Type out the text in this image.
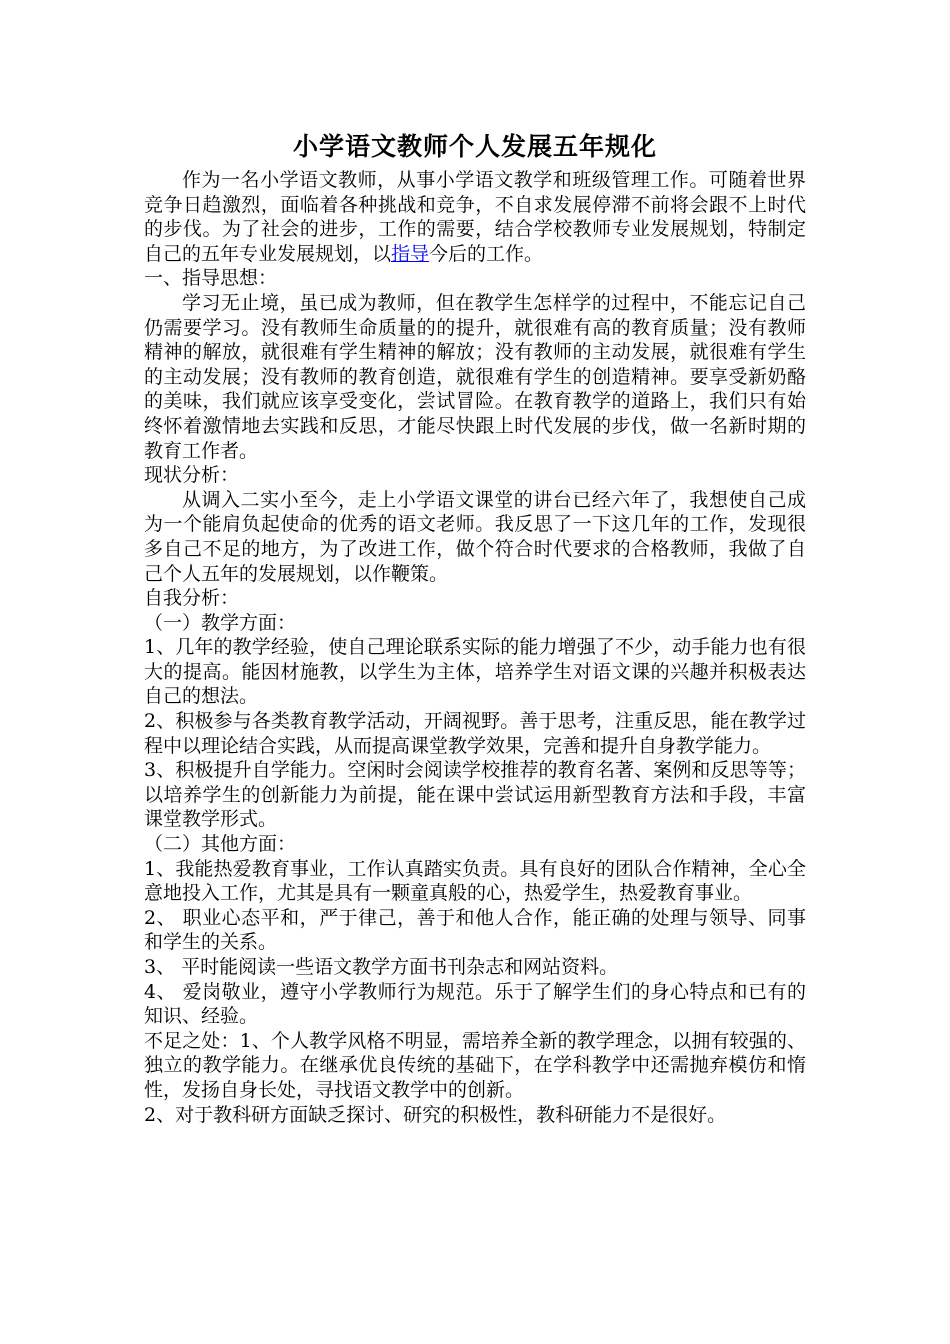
小学语文教师个人发展五年规化

作为一名小学语文教师，从事小学语文教学和班级管理工作。可随着世界竞争日趋激烈，面临着各种挑战和竞争，不自求发展停滞不前将会跟不上时代的步伐。为了社会的进步，工作的需要，结合学校教师专业发展规划，特制定自己的五年专业发展规划，以指导今后的工作。

一、指导思想：

学习无止境，虽已成为教师，但在教学生怎样学的过程中，不能忘记自己仍需要学习。没有教师生命质量的的提升，就很难有高的教育质量；没有教师精神的解放，就很难有学生精神的解放；没有教师的主动发展，就很难有学生的主动发展；没有教师的教育创造，就很难有学生的创造精神。要享受新奶酪的美味，我们就应该享受变化，尝试冒险。在教育教学的道路上，我们只有始终怀着激情地去实践和反思，才能尽快跟上时代发展的步伐，做一名新时期的教育工作者。

现状分析：

从调入二实小至今，走上小学语文课堂的讲台已经六年了，我想使自己成为一个能肩负起使命的优秀的语文老师。我反思了一下这几年的工作，发现很多自己不足的地方，为了改进工作，做个符合时代要求的合格教师，我做了自己个人五年的发展规划，以作鞭策。

自我分析：

（一）教学方面：

1、几年的教学经验，使自己理论联系实际的能力增强了不少，动手能力也有很大的提高。能因材施教，以学生为主体，培养学生对语文课的兴趣并积极表达自己的想法。

2、积极参与各类教育教学活动，开阔视野。善于思考，注重反思，能在教学过程中以理论结合实践，从而提高课堂教学效果，完善和提升自身教学能力。

3、积极提升自学能力。空闲时会阅读学校推荐的教育名著、案例和反思等等；以培养学生的创新能力为前提，能在课中尝试运用新型教育方法和手段，丰富课堂教学形式。

（二）其他方面：

1、我能热爱教育事业，工作认真踏实负责。具有良好的团队合作精神，全心全意地投入工作，尤其是具有一颗童真般的心，热爱学生，热爱教育事业。

2、 职业心态平和，严于律己，善于和他人合作，能正确的处理与领导、同事和学生的关系。

3、 平时能阅读一些语文教学方面书刊杂志和网站资料。

4、 爱岗敬业，遵守小学教师行为规范。乐于了解学生们的身心特点和已有的知识、经验。

不足之处：1、个人教学风格不明显，需培养全新的教学理念，以拥有较强的、独立的教学能力。在继承优良传统的基础下，在学科教学中还需抛弃模仿和惰性，发扬自身长处，寻找语文教学中的创新。

2、对于教科研方面缺乏探讨、研究的积极性，教科研能力不是很好。
